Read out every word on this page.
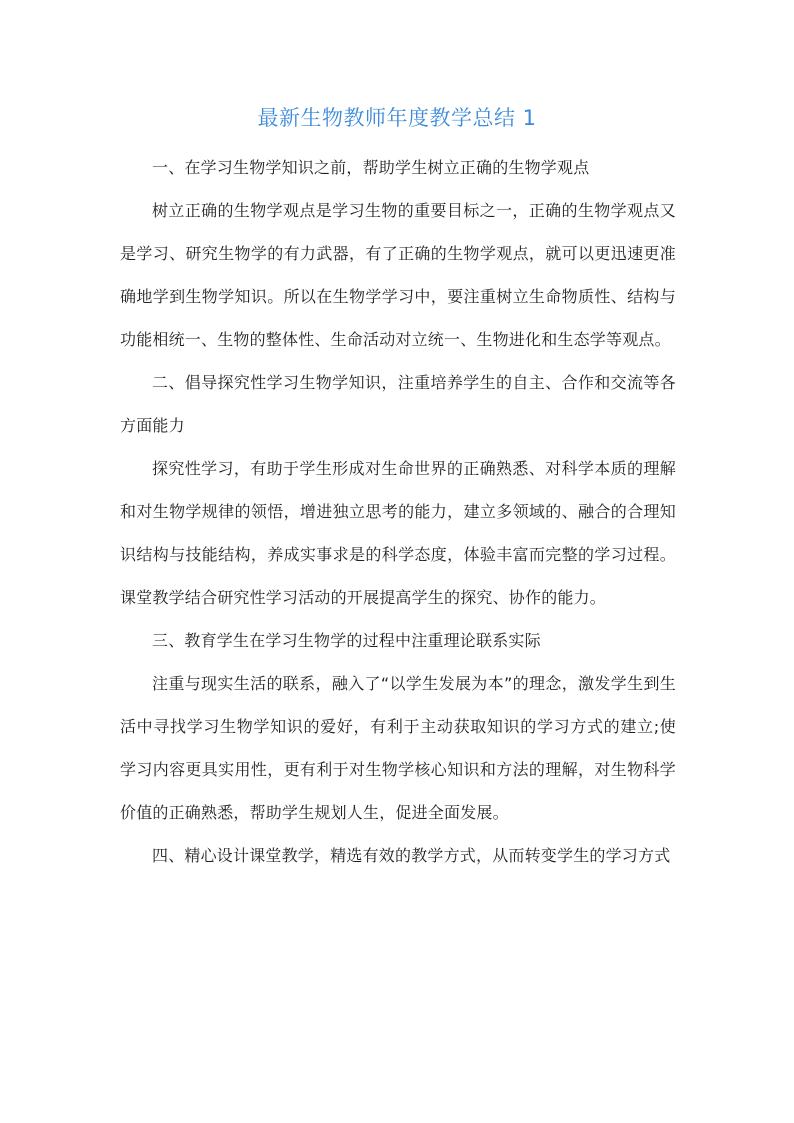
最新生物教师年度教学总结 1

一、在学习生物学知识之前，帮助学生树立正确的生物学观点

树立正确的生物学观点是学习生物的重要目标之一，正确的生物学观点又是学习、研究生物学的有力武器，有了正确的生物学观点，就可以更迅速更准确地学到生物学知识。所以在生物学学习中，要注重树立生命物质性、结构与功能相统一、生物的整体性、生命活动对立统一、生物进化和生态学等观点。

二、倡导探究性学习生物学知识，注重培养学生的自主、合作和交流等各方面能力

探究性学习，有助于学生形成对生命世界的正确熟悉、对科学本质的理解和对生物学规律的领悟，增进独立思考的能力，建立多领域的、融合的合理知识结构与技能结构，养成实事求是的科学态度，体验丰富而完整的学习过程。课堂教学结合研究性学习活动的开展提高学生的探究、协作的能力。

三、教育学生在学习生物学的过程中注重理论联系实际

注重与现实生活的联系，融入了“以学生发展为本”的理念，激发学生到生活中寻找学习生物学知识的爱好，有利于主动获取知识的学习方式的建立;使学习内容更具实用性，更有利于对生物学核心知识和方法的理解，对生物科学价值的正确熟悉，帮助学生规划人生，促进全面发展。

四、精心设计课堂教学，精选有效的教学方式，从而转变学生的学习方式
